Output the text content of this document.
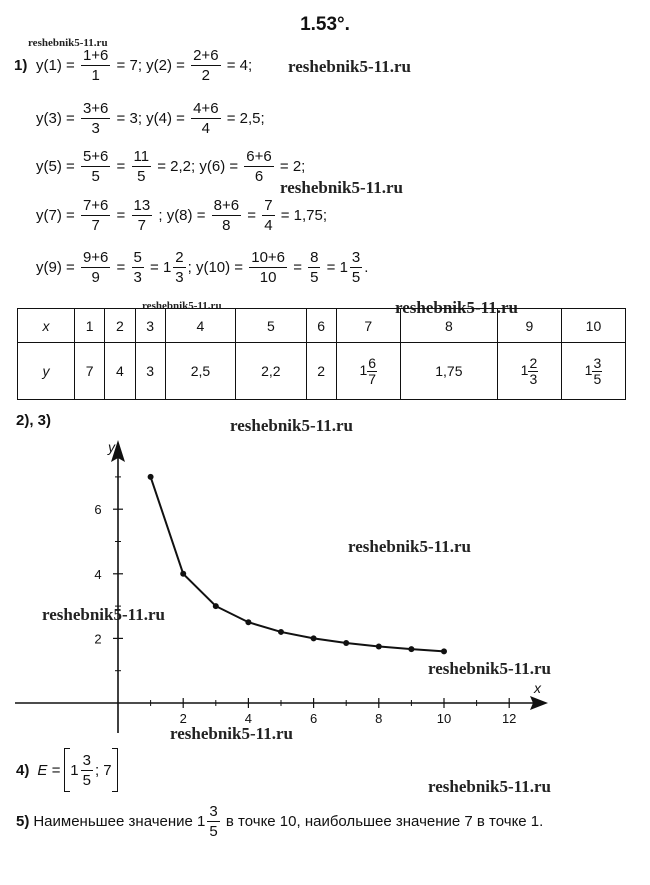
1.53°.
reshebnik5-11.ru
reshebnik5-11.ru
reshebnik5-11.ru
reshebnik5-11.ru	reshebnik5-11.ru
reshebnik5-11.ru
reshebnik5-11.ru
reshebnik5-11.ru
reshebnik5-11.ru
reshebnik5-11.ru
reshebnik5-11.ru
1) $y(1) = \frac{1+6}{1} = 7$; $y(2) = \frac{2+6}{2} = 4$;
$y(3) = \frac{3+6}{3} = 3$; $y(4) = \frac{4+6}{4} = 2,5$;
$y(5) = \frac{5+6}{5} = \frac{11}{5} = 2,2$; $y(6) = \frac{6+6}{6} = 2$;
$y(7) = \frac{7+6}{7} = \frac{13}{7}$ ; $y(8) = \frac{8+6}{8} = \frac{7}{4} = 1,75$;
$y(9) = \frac{9+6}{9} = \frac{5}{3} = 1 \frac{2}{3}$ ; $y(10) = \frac{10+6}{10} = \frac{8}{5} = 1 \frac{3}{5}$ .
x	1	2	3	4	5	6	7	8	9	10
y	7	4	3	2,5	2,2	2	$1 \frac{6}{7}$	1,75	$1 \frac{2}{3}$	$1 \frac{3}{5}$
2), 3)
x
y
2	4	6	8	10	12
2
4
6
4) $E = 1 \frac{3}{5}$ ; 7
5) Наименьшее значение $1 \frac{3}{5}$ в точке 10, наибольшее значение 7 в точке 1.
